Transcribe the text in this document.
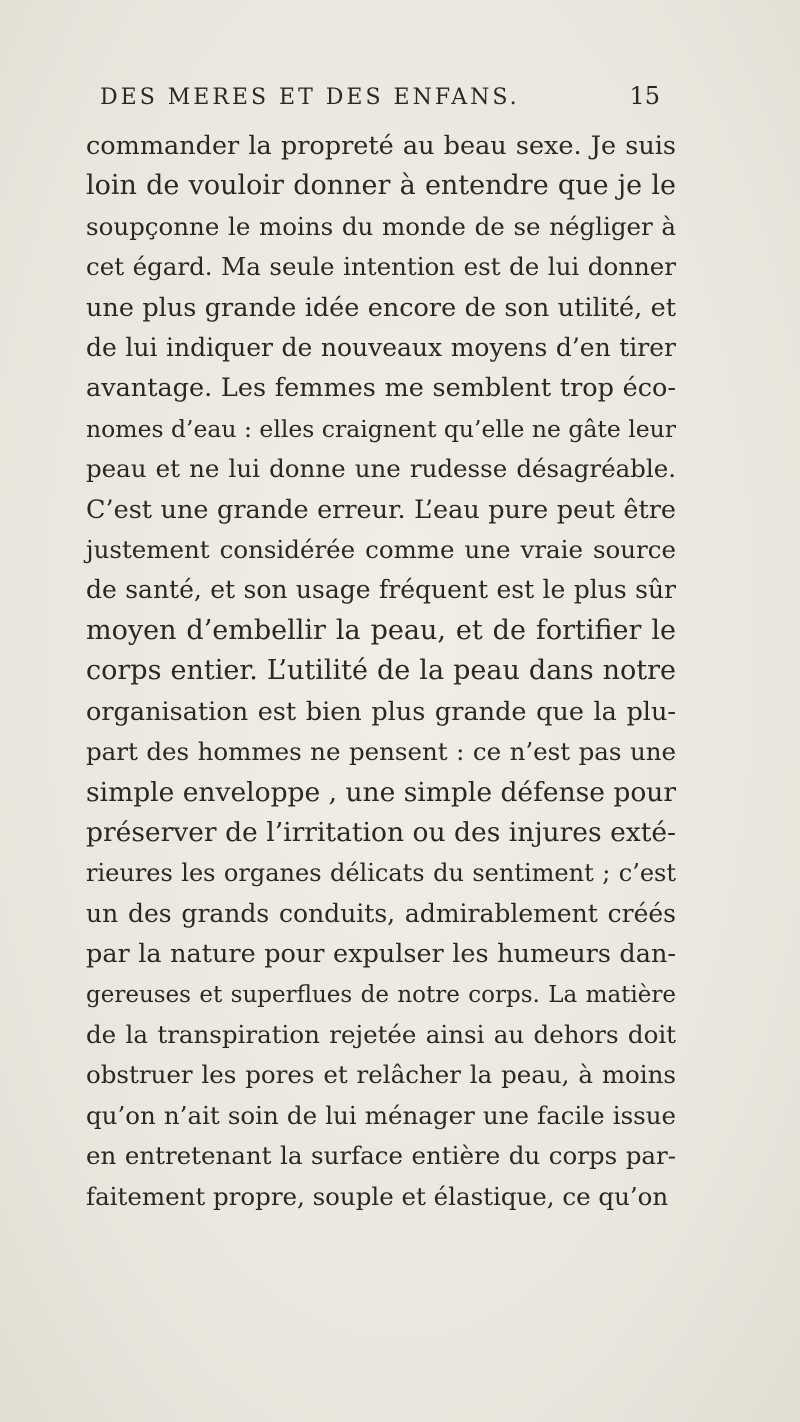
DES MERES ET DES ENFANS.	15
commander la propreté au beau sexe. Je suis
loin de vouloir donner à entendre que je le
soupçonne le moins du monde de se négliger à
cet égard. Ma seule intention est de lui donner
une plus grande idée encore de son utilité, et
de lui indiquer de nouveaux moyens d’en tirer
avantage. Les femmes me semblent trop éco-
nomes d’eau : elles craignent qu’elle ne gâte leur
peau et ne lui donne une rudesse désagréable.
C’est une grande erreur. L’eau pure peut être
justement considérée comme une vraie source
de santé, et son usage fréquent est le plus sûr
moyen d’embellir la peau, et de fortifier le
corps entier. L’utilité de la peau dans notre
organisation est bien plus grande que la plu-
part des hommes ne pensent : ce n’est pas une
simple enveloppe , une simple défense pour
préserver de l’irritation ou des injures exté-
rieures les organes délicats du sentiment ; c’est
un des grands conduits, admirablement créés
par la nature pour expulser les humeurs dan-
gereuses et superflues de notre corps. La matière
de la transpiration rejetée ainsi au dehors doit
obstruer les pores et relâcher la peau, à moins
qu’on n’ait soin de lui ménager une facile issue
en entretenant la surface entière du corps par-
faitement propre, souple et élastique, ce qu’on
